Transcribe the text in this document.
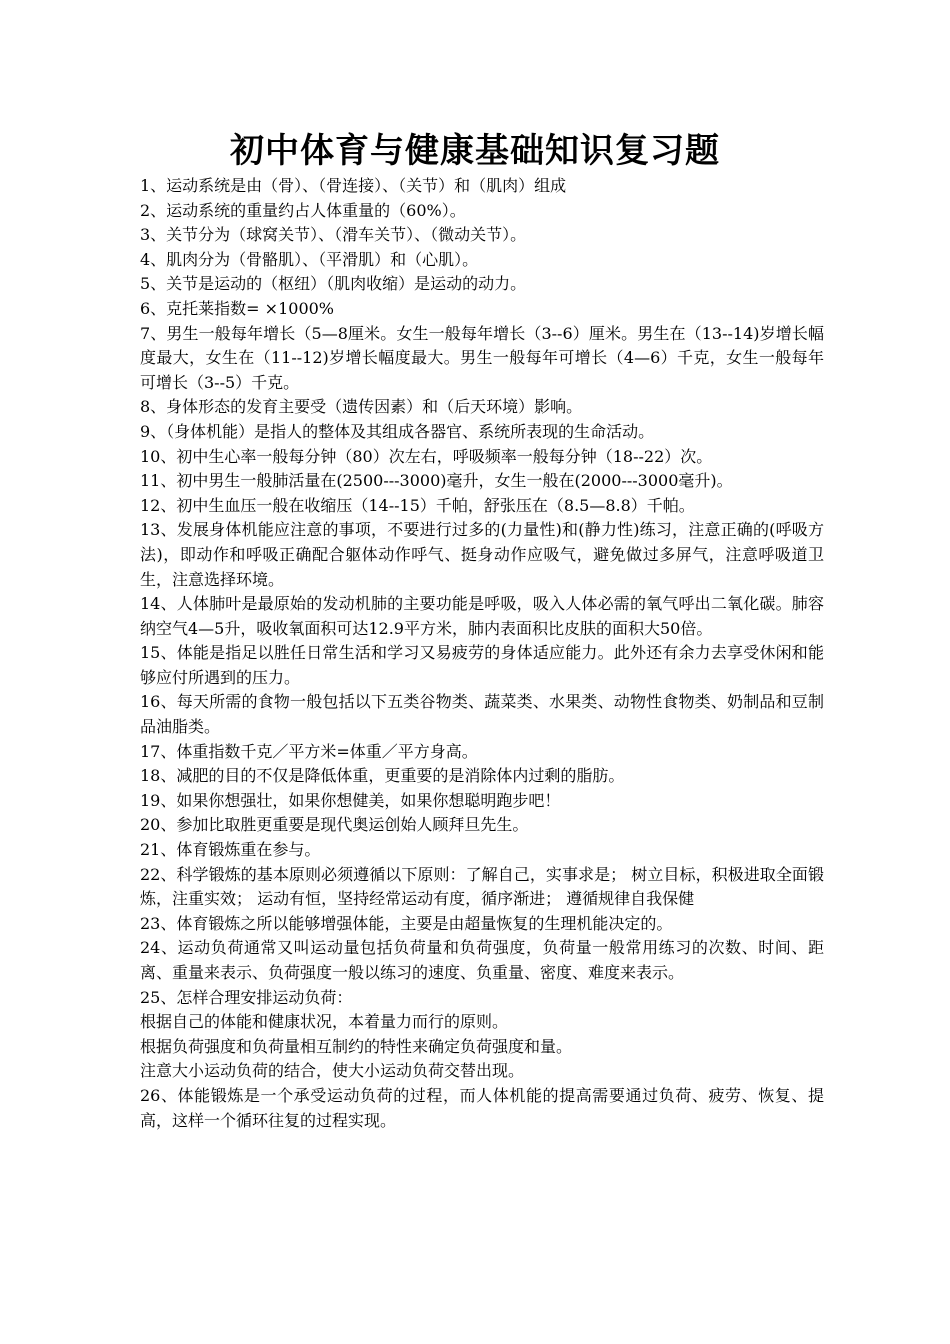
初中体育与健康基础知识复习题

1、运动系统是由（骨）、（骨连接）、（关节）和（肌肉）组成

2、运动系统的重量约占人体重量的（60%）。

3、关节分为（球窝关节）、（滑车关节）、（微动关节）。

4、肌肉分为（骨骼肌）、（平滑肌）和（心肌）。

5、关节是运动的（枢纽）（肌肉收缩）是运动的动力。

6、克托莱指数= ×1000%

7、男生一般每年增长（5—8厘米。女生一般每年增长（3--6）厘米。男生在（13--14)岁增长幅度最大，女生在（11--12)岁增长幅度最大。男生一般每年可增长（4—6）千克，女生一般每年可增长（3--5）千克。

8、身体形态的发育主要受（遗传因素）和（后天环境）影响。

9、（身体机能）是指人的整体及其组成各器官、系统所表现的生命活动。

10、初中生心率一般每分钟（80）次左右，呼吸频率一般每分钟（18--22）次。

11、初中男生一般肺活量在(2500---3000)毫升，女生一般在(2000---3000毫升)。

12、初中生血压一般在收缩压（14--15）千帕，舒张压在（8.5—8.8）千帕。

13、发展身体机能应注意的事项，不要进行过多的(力量性)和(静力性)练习，注意正确的(呼吸方法)，即动作和呼吸正确配合躯体动作呼气、挺身动作应吸气，避免做过多屏气，注意呼吸道卫生，注意选择环境。

14、人体肺叶是最原始的发动机肺的主要功能是呼吸，吸入人体必需的氧气呼出二氧化碳。肺容纳空气4—5升，吸收氧面积可达12.9平方米，肺内表面积比皮肤的面积大50倍。

15、体能是指足以胜任日常生活和学习又易疲劳的身体适应能力。此外还有余力去享受休闲和能够应付所遇到的压力。

16、每天所需的食物一般包括以下五类谷物类、蔬菜类、水果类、动物性食物类、奶制品和豆制品油脂类。

17、体重指数千克／平方米=体重／平方身高。

18、减肥的目的不仅是降低体重，更重要的是消除体内过剩的脂肪。

19、如果你想强壮，如果你想健美，如果你想聪明跑步吧！

20、参加比取胜更重要是现代奥运创始人顾拜旦先生。

21、体育锻炼重在参与。

22、科学锻炼的基本原则必须遵循以下原则：了解自己，实事求是； 树立目标，积极进取全面锻炼，注重实效； 运动有恒，坚持经常运动有度，循序渐进； 遵循规律自我保健

23、体育锻炼之所以能够增强体能，主要是由超量恢复的生理机能决定的。

24、运动负荷通常又叫运动量包括负荷量和负荷强度，负荷量一般常用练习的次数、时间、距离、重量来表示、负荷强度一般以练习的速度、负重量、密度、难度来表示。

25、怎样合理安排运动负荷：

根据自己的体能和健康状况，本着量力而行的原则。

根据负荷强度和负荷量相互制约的特性来确定负荷强度和量。

注意大小运动负荷的结合，使大小运动负荷交替出现。

26、体能锻炼是一个承受运动负荷的过程，而人体机能的提高需要通过负荷、疲劳、恢复、提高，这样一个循环往复的过程实现。
